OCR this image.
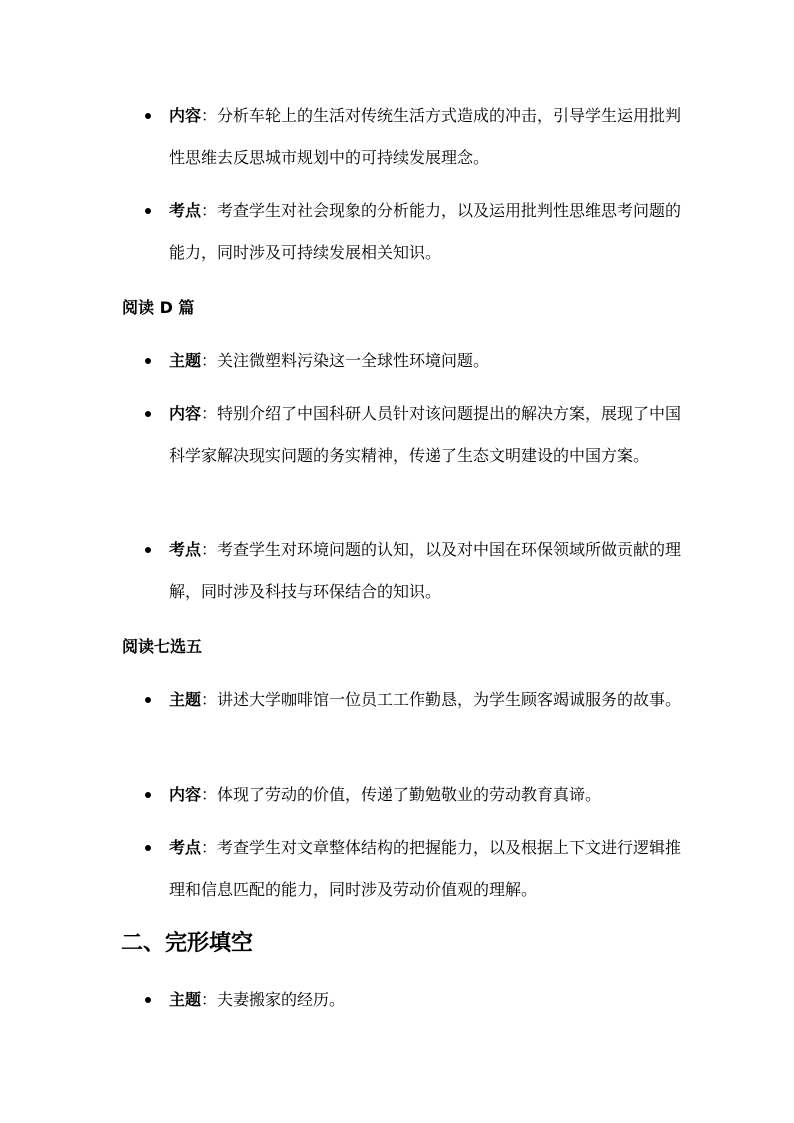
内容：分析车轮上的生活对传统生活方式造成的冲击，引导学生运用批判性思维去反思城市规划中的可持续发展理念。
考点：考查学生对社会现象的分析能力，以及运用批判性思维思考问题的能力，同时涉及可持续发展相关知识。
阅读 D 篇
主题：关注微塑料污染这一全球性环境问题。
内容：特别介绍了中国科研人员针对该问题提出的解决方案，展现了中国科学家解决现实问题的务实精神，传递了生态文明建设的中国方案。
考点：考查学生对环境问题的认知，以及对中国在环保领域所做贡献的理解，同时涉及科技与环保结合的知识。
阅读七选五
主题：讲述大学咖啡馆一位员工工作勤恳，为学生顾客竭诚服务的故事。
内容：体现了劳动的价值，传递了勤勉敬业的劳动教育真谛。
考点：考查学生对文章整体结构的把握能力，以及根据上下文进行逻辑推理和信息匹配的能力，同时涉及劳动价值观的理解。
二、完形填空
主题：夫妻搬家的经历。
